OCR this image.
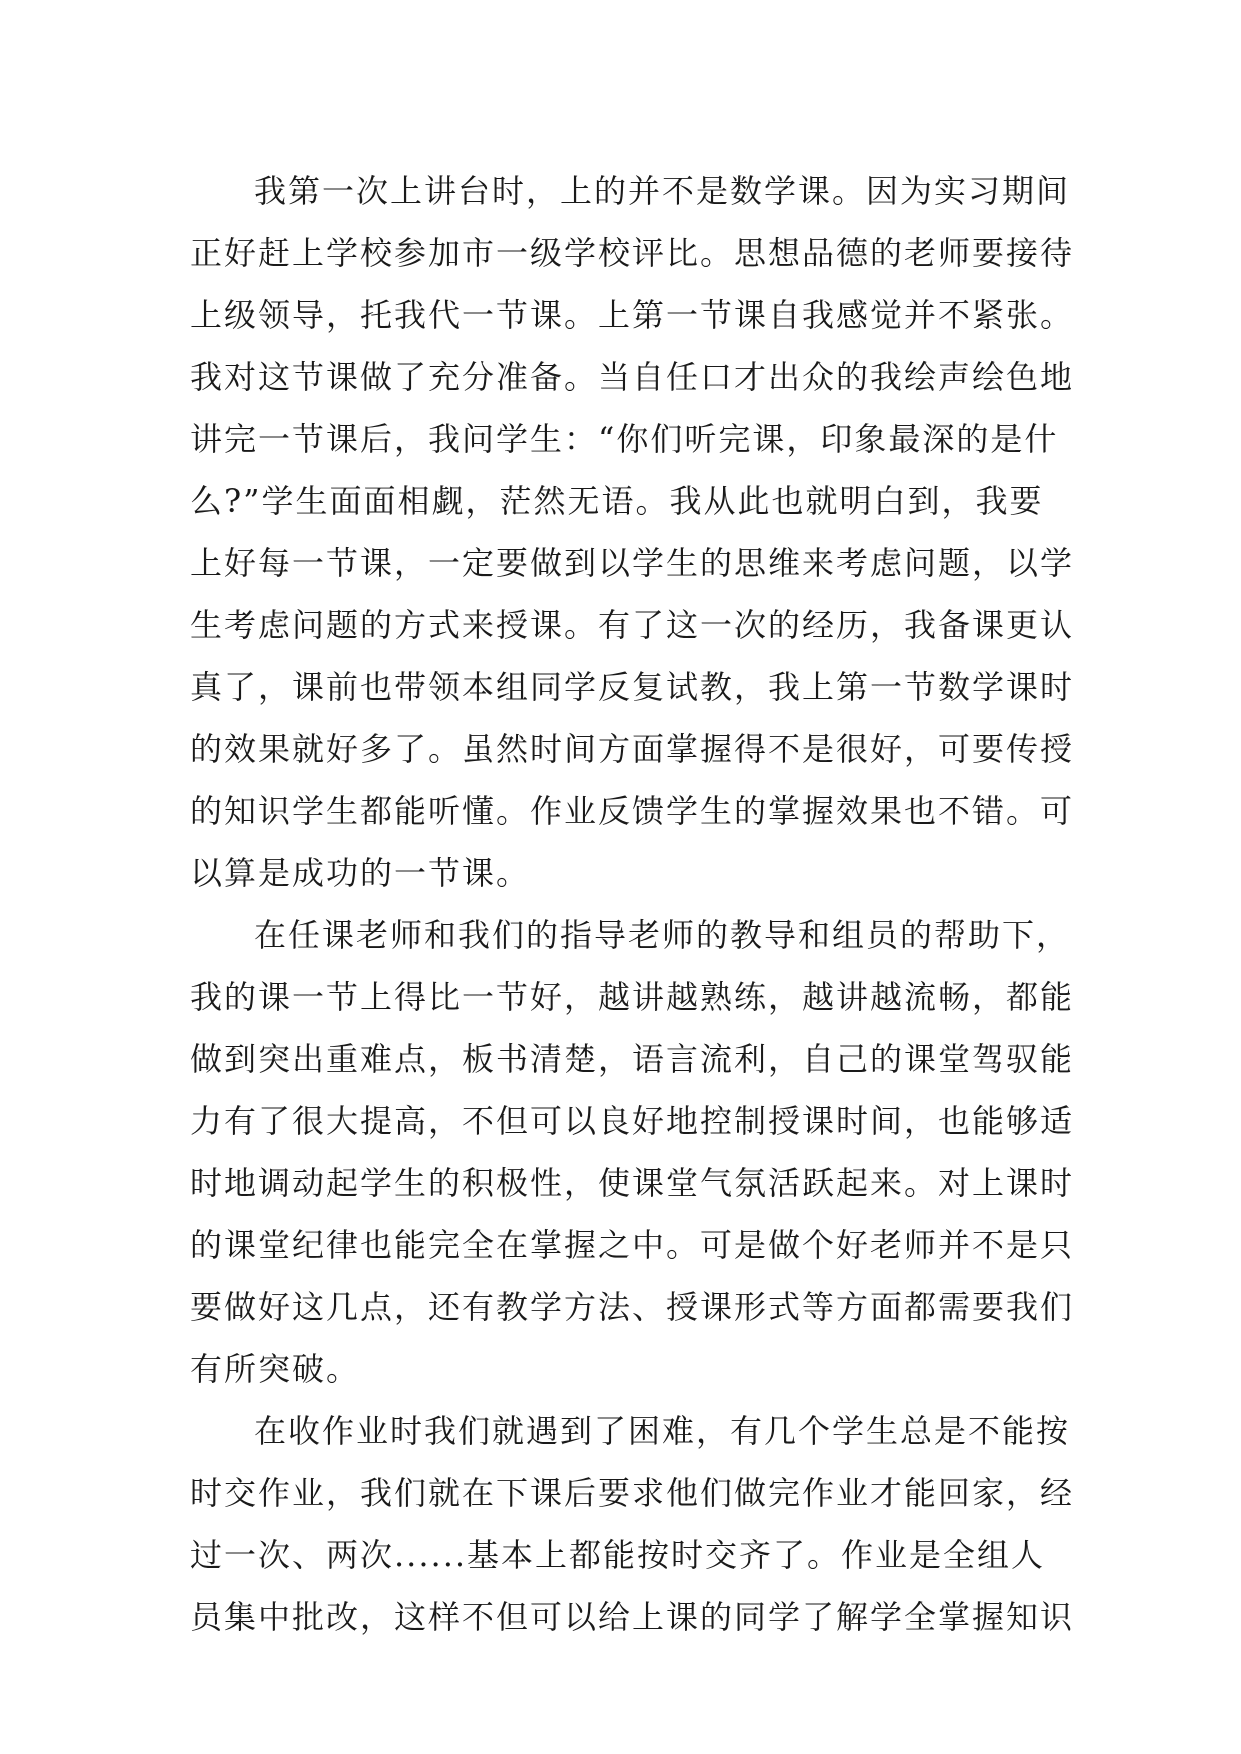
我第一次上讲台时，上的并不是数学课。因为实习期间
正好赶上学校参加市一级学校评比。思想品德的老师要接待
上级领导，托我代一节课。上第一节课自我感觉并不紧张。
我对这节课做了充分准备。当自任口才出众的我绘声绘色地
讲完一节课后，我问学生：“你们听完课，印象最深的是什
么?”学生面面相觑，茫然无语。我从此也就明白到，我要
上好每一节课，一定要做到以学生的思维来考虑问题，以学
生考虑问题的方式来授课。有了这一次的经历，我备课更认
真了，课前也带领本组同学反复试教，我上第一节数学课时
的效果就好多了。虽然时间方面掌握得不是很好，可要传授
的知识学生都能听懂。作业反馈学生的掌握效果也不错。可
以算是成功的一节课。
在任课老师和我们的指导老师的教导和组员的帮助下，
我的课一节上得比一节好，越讲越熟练，越讲越流畅，都能
做到突出重难点，板书清楚，语言流利，自己的课堂驾驭能
力有了很大提高，不但可以良好地控制授课时间，也能够适
时地调动起学生的积极性，使课堂气氛活跃起来。对上课时
的课堂纪律也能完全在掌握之中。可是做个好老师并不是只
要做好这几点，还有教学方法、授课形式等方面都需要我们
有所突破。
在收作业时我们就遇到了困难，有几个学生总是不能按
时交作业，我们就在下课后要求他们做完作业才能回家，经
过一次、两次......基本上都能按时交齐了。作业是全组人
员集中批改，这样不但可以给上课的同学了解学全掌握知识
